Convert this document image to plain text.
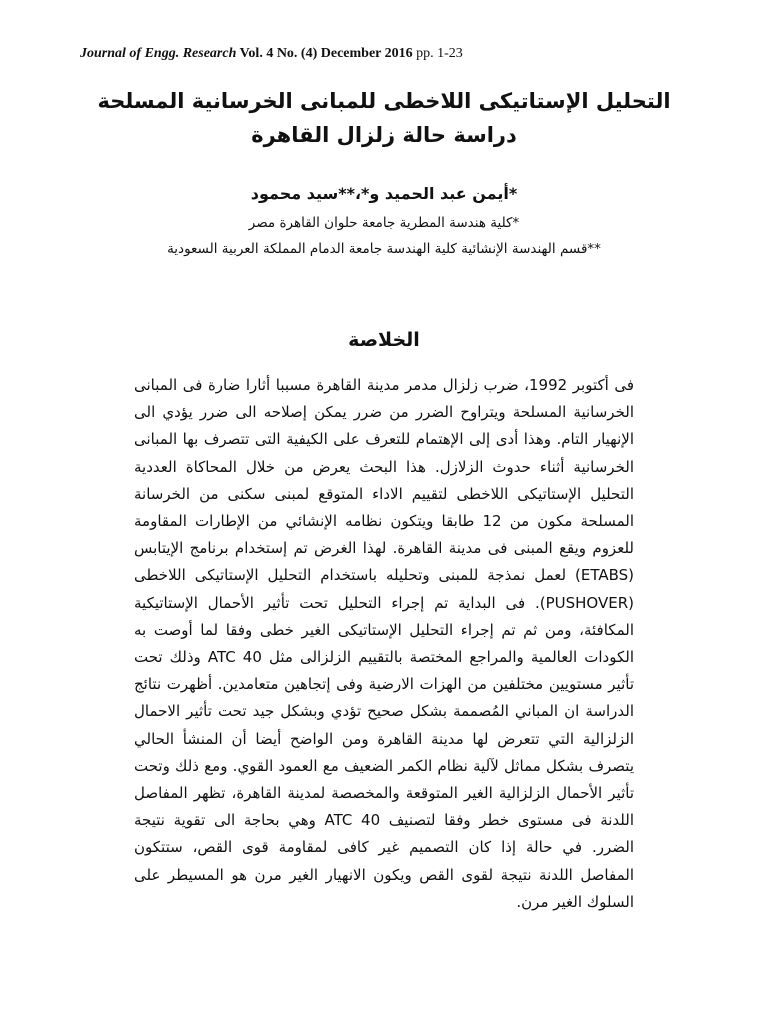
Journal of Engg. Research Vol. 4 No. (4) December 2016 pp. 1-23
التحليل الإستاتيكى اللاخطى للمبانى الخرسانية المسلحة
دراسة حالة زلزال القاهرة
*أيمن عبد الحميد و*،**سيد محمود
*كلية هندسة المطرية جامعة حلوان القاهرة مصر
**قسم الهندسة الإنشائية كلية الهندسة جامعة الدمام المملكة العربية السعودية
الخلاصة

فى أكتوبر 1992، ضرب زلزال مدمر مدينة القاهرة مسببا أثارا ضارة فى المبانى الخرسانية المسلحة ويتراوح الضرر من ضرر يمكن إصلاحه الى ضرر يؤدي الى الإنهيار التام. وهذا أدى إلى الإهتمام للتعرف على الكيفية التى تتصرف بها المبانى الخرسانية أثناء حدوث الزلازل. هذا البحث يعرض من خلال المحاكاة العددية التحليل الإستاتيكى اللاخطى لتقييم الاداء المتوقع لمبنى سكنى من الخرسانة المسلحة مكون من 12 طابقا ويتكون نظامه الإنشائي من الإطارات المقاومة للعزوم ويقع المبنى فى مدينة القاهرة. لهذا الغرض تم إستخدام برنامج الإيتابس (ETABS) لعمل نمذجة للمبنى وتحليله باستخدام التحليل الإستاتيكى اللاخطى (PUSHOVER). فى البداية تم إجراء التحليل تحت تأثير الأحمال الإستاتيكية المكافئة، ومن ثم تم إجراء التحليل الإستاتيكى الغير خطى وفقا لما أوصت به الكودات العالمية والمراجع المختصة بالتقييم الزلزالى مثل ATC 40 وذلك تحت تأثير مستويين مختلفين من الهزات الارضية وفى إتجاهين متعامدين. أظهرت نتائج الدراسة ان المباني المُصممة بشكل صحيح تؤدي وبشكل جيد تحت تأثير الاحمال الزلزالية التي تتعرض لها مدينة القاهرة ومن الواضح أيضا أن المنشأ الحالي يتصرف بشكل مماثل لآلية نظام الكمر الضعيف مع العمود القوي. ومع ذلك وتحت تأثير الأحمال الزلزالية الغير المتوقعة والمخصصة لمدينة القاهرة، تظهر المفاصل اللدنة فى مستوى خطر وفقا لتصنيف ATC 40 وهي بحاجة الى تقوية نتيجة الضرر. في حالة إذا كان التصميم غير كافى لمقاومة قوى القص، ستتكون المفاصل اللدنة نتيجة لقوى القص ويكون الانهيار الغير مرن هو المسيطر على السلوك الغير مرن.
